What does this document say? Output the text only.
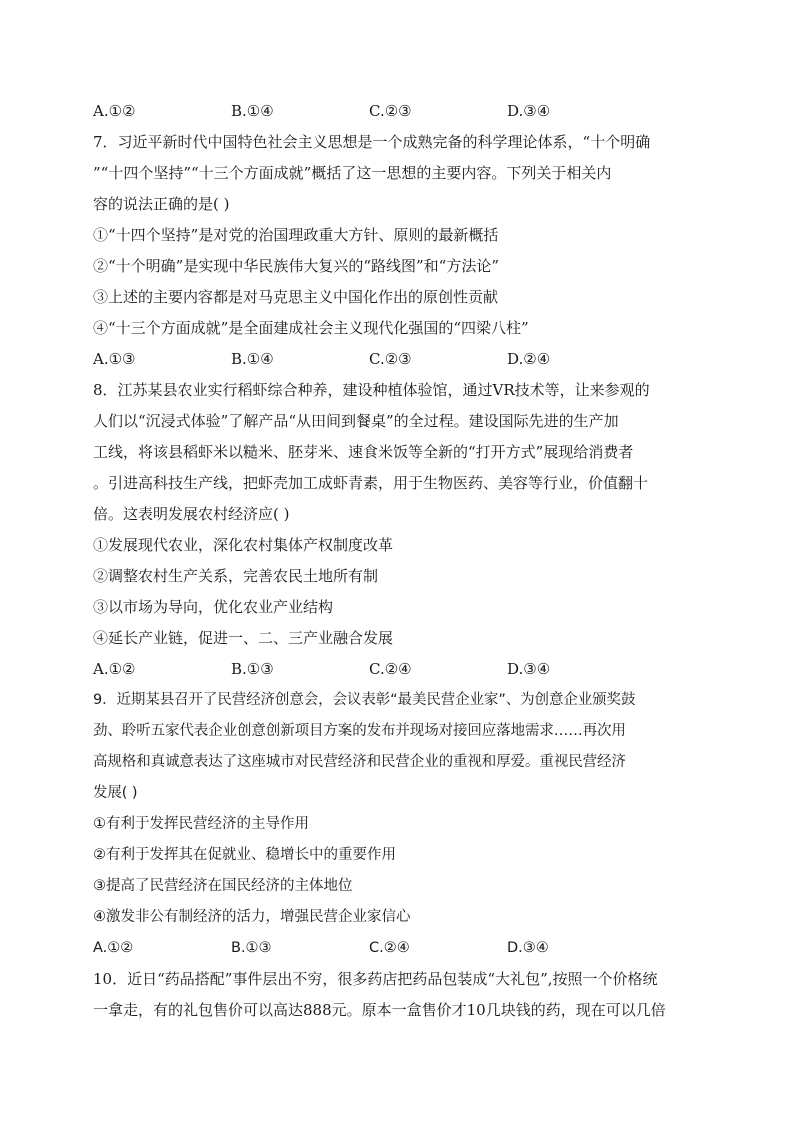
A.①②	B.①④	C.②③	D.③④
7．习近平新时代中国特色社会主义思想是一个成熟完备的科学理论体系，“十个明确
”“十四个坚持”“十三个方面成就”概括了这一思想的主要内容。下列关于相关内
容的说法正确的是( )
①“十四个坚持”是对党的治国理政重大方针、原则的最新概括
②“十个明确”是实现中华民族伟大复兴的“路线图”和“方法论”
③上述的主要内容都是对马克思主义中国化作出的原创性贡献
④“十三个方面成就”是全面建成社会主义现代化强国的“四梁八柱”
A.①③	B.①④	C.②③	D.②④
8．江苏某县农业实行稻虾综合种养，建设种植体验馆，通过VR技术等，让来参观的
人们以“沉浸式体验”了解产品“从田间到餐桌”的全过程。建设国际先进的生产加
工线，将该县稻虾米以糙米、胚芽米、速食米饭等全新的“打开方式”展现给消费者
。引进高科技生产线，把虾壳加工成虾青素，用于生物医药、美容等行业，价值翻十
倍。这表明发展农村经济应( )
①发展现代农业，深化农村集体产权制度改革
②调整农村生产关系，完善农民土地所有制
③以市场为导向，优化农业产业结构
④延长产业链，促进一、二、三产业融合发展
A.①②	B.①③	C.②④	D.③④
9．近期某县召开了民营经济创意会，会议表彰“最美民营企业家”、为创意企业颁奖鼓
劲、聆听五家代表企业创意创新项目方案的发布并现场对接回应落地需求……再次用
高规格和真诚意表达了这座城市对民营经济和民营企业的重视和厚爱。重视民营经济
发展( )
①有利于发挥民营经济的主导作用
②有利于发挥其在促就业、稳增长中的重要作用
③提高了民营经济在国民经济的主体地位
④激发非公有制经济的活力，增强民营企业家信心
A.①②	B.①③	C.②④	D.③④
10．近日“药品搭配”事件层出不穷，很多药店把药品包装成“大礼包”,按照一个价格统
一拿走，有的礼包售价可以高达888元。原本一盒售价才10几块钱的药，现在可以几倍
